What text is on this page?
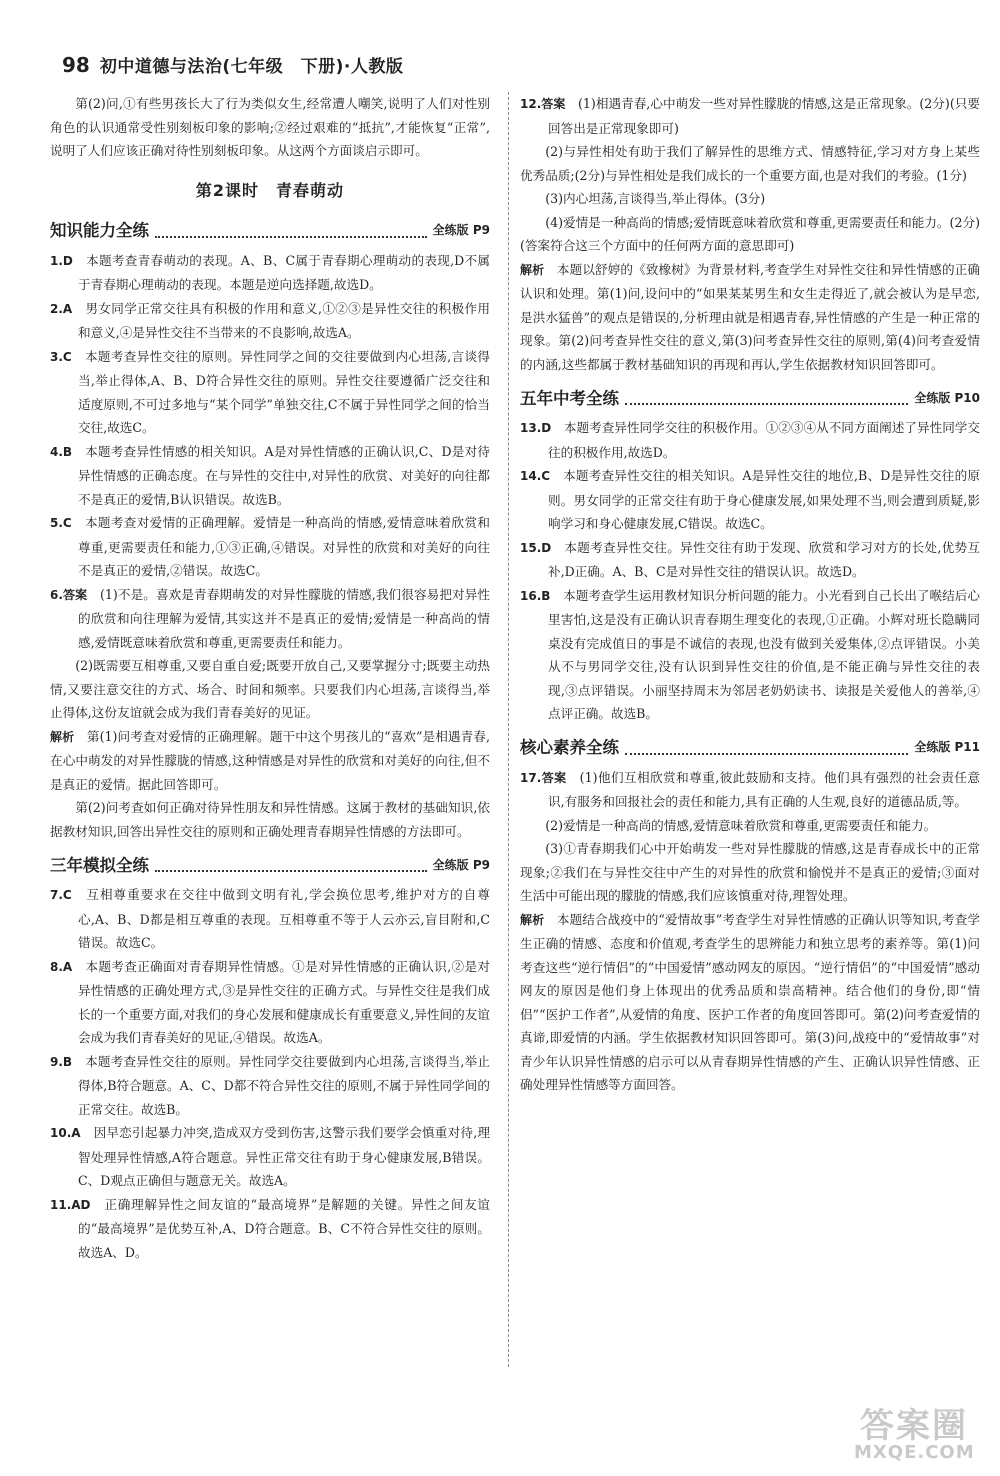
98 初中道德与法治(七年级　下册)·人教版

第(2)问,①有些男孩长大了行为类似女生,经常遭人嘲笑,说明了人们对性别角色的认识通常受性别刻板印象的影响;②经过艰难的“抵抗”,才能恢复“正常”,说明了人们应该正确对待性别刻板印象。从这两个方面谈启示即可。

第2课时　青春萌动
知识能力全练	全练版 P9

1.D　 本题考查青春萌动的表现。A、B、C属于青春期心理萌动的表现,D不属于青春期心理萌动的表现。本题是逆向选择题,故选D。

2.A　 男女同学正常交往具有积极的作用和意义,①②③是异性交往的积极作用和意义,④是异性交往不当带来的不良影响,故选A。

3.C　 本题考查异性交往的原则。异性同学之间的交往要做到内心坦荡,言谈得当,举止得体,A、B、D符合异性交往的原则。异性交往要遵循广泛交往和适度原则,不可过多地与“某个同学”单独交往,C不属于异性同学之间的恰当交往,故选C。

4.B　 本题考查异性情感的相关知识。A是对异性情感的正确认识,C、D是对待异性情感的正确态度。在与异性的交往中,对异性的欣赏、对美好的向往都不是真正的爱情,B认识错误。故选B。

5.C　 本题考查对爱情的正确理解。爱情是一种高尚的情感,爱情意味着欣赏和尊重,更需要责任和能力,①③正确,④错误。对异性的欣赏和对美好的向往不是真正的爱情,②错误。故选C。

6.答案　 (1)不是。喜欢是青春期萌发的对异性朦胧的情感,我们很容易把对异性的欣赏和向往理解为爱情,其实这并不是真正的爱情;爱情是一种高尚的情感,爱情既意味着欣赏和尊重,更需要责任和能力。

(2)既需要互相尊重,又要自重自爱;既要开放自己,又要掌握分寸;既要主动热情,又要注意交往的方式、场合、时间和频率。只要我们内心坦荡,言谈得当,举止得体,这份友谊就会成为我们青春美好的见证。

解析　 第(1)问考查对爱情的正确理解。题干中这个男孩儿的“喜欢”是相遇青春,在心中萌发的对异性朦胧的情感,这种情感是对异性的欣赏和对美好的向往,但不是真正的爱情。据此回答即可。

第(2)问考查如何正确对待异性朋友和异性情感。这属于教材的基础知识,依据教材知识,回答出异性交往的原则和正确处理青春期异性情感的方法即可。

三年模拟全练	全练版 P9

7.C　 互相尊重要求在交往中做到文明有礼,学会换位思考,维护对方的自尊心,A、B、D都是相互尊重的表现。互相尊重不等于人云亦云,盲目附和,C错误。故选C。

8.A　 本题考查正确面对青春期异性情感。①是对异性情感的正确认识,②是对异性情感的正确处理方式,③是异性交往的正确方式。与异性交往是我们成长的一个重要方面,对我们的身心发展和健康成长有重要意义,异性间的友谊会成为我们青春美好的见证,④错误。故选A。

9.B　 本题考查异性交往的原则。异性同学交往要做到内心坦荡,言谈得当,举止得体,B符合题意。A、C、D都不符合异性交往的原则,不属于异性同学间的正常交往。故选B。

10.A　 因早恋引起暴力冲突,造成双方受到伤害,这警示我们要学会慎重对待,理智处理异性情感,A符合题意。异性正常交往有助于身心健康发展,B错误。C、D观点正确但与题意无关。故选A。

11.AD　 正确理解异性之间友谊的“最高境界”是解题的关键。异性之间友谊的“最高境界”是优势互补,A、D符合题意。B、C不符合异性交往的原则。故选A、D。

12.答案　 (1)相遇青春,心中萌发一些对异性朦胧的情感,这是正常现象。(2分)(只要回答出是正常现象即可)

(2)与异性相处有助于我们了解异性的思维方式、情感特征,学习对方身上某些优秀品质;(2分)与异性相处是我们成长的一个重要方面,也是对我们的考验。(1分)

(3)内心坦荡,言谈得当,举止得体。(3分)

(4)爱情是一种高尚的情感;爱情既意味着欣赏和尊重,更需要责任和能力。(2分)(答案符合这三个方面中的任何两方面的意思即可)

解析　 本题以舒婷的《致橡树》为背景材料,考查学生对异性交往和异性情感的正确认识和处理。第(1)问,设问中的“如果某某男生和女生走得近了,就会被认为是早恋,是洪水猛兽”的观点是错误的,分析理由就是相遇青春,异性情感的产生是一种正常的现象。第(2)问考查异性交往的意义,第(3)问考查异性交往的原则,第(4)问考查爱情的内涵,这些都属于教材基础知识的再现和再认,学生依据教材知识回答即可。

五年中考全练	全练版 P10

13.D　 本题考查异性同学交往的积极作用。①②③④从不同方面阐述了异性同学交往的积极作用,故选D。

14.C　 本题考查异性交往的相关知识。A是异性交往的地位,B、D是异性交往的原则。男女同学的正常交往有助于身心健康发展,如果处理不当,则会遭到质疑,影响学习和身心健康发展,C错误。故选C。

15.D　 本题考查异性交往。异性交往有助于发现、欣赏和学习对方的长处,优势互补,D正确。A、B、C是对异性交往的错误认识。故选D。

16.B　 本题考查学生运用教材知识分析问题的能力。小光看到自己长出了喉结后心里害怕,这是没有正确认识青春期生理变化的表现,①正确。小辉对班长隐瞒同桌没有完成值日的事是不诚信的表现,也没有做到关爱集体,②点评错误。小美从不与男同学交往,没有认识到异性交往的价值,是不能正确与异性交往的表现,③点评错误。小丽坚持周末为邻居老奶奶读书、读报是关爱他人的善举,④点评正确。故选B。

核心素养全练	全练版 P11

17.答案　 (1)他们互相欣赏和尊重,彼此鼓励和支持。他们具有强烈的社会责任意识,有服务和回报社会的责任和能力,具有正确的人生观,良好的道德品质,等。

(2)爱情是一种高尚的情感,爱情意味着欣赏和尊重,更需要责任和能力。

(3)①青春期我们心中开始萌发一些对异性朦胧的情感,这是青春成长中的正常现象;②我们在与异性交往中产生的对异性的欣赏和愉悦并不是真正的爱情;③面对生活中可能出现的朦胧的情感,我们应该慎重对待,理智处理。

解析　 本题结合战疫中的“爱情故事”考查学生对异性情感的正确认识等知识,考查学生正确的情感、态度和价值观,考查学生的思辨能力和独立思考的素养等。第(1)问考查这些“逆行情侣”的“中国爱情”感动网友的原因。“逆行情侣”的“中国爱情”感动网友的原因是他们身上体现出的优秀品质和崇高精神。结合他们的身份,即“情侣”“医护工作者”,从爱情的角度、医护工作者的角度回答即可。第(2)问考查爱情的真谛,即爱情的内涵。学生依据教材知识回答即可。第(3)问,战疫中的“爱情故事”对青少年认识异性情感的启示可以从青春期异性情感的产生、正确认识异性情感、正确处理异性情感等方面回答。

答案圈
MXQE.COM
